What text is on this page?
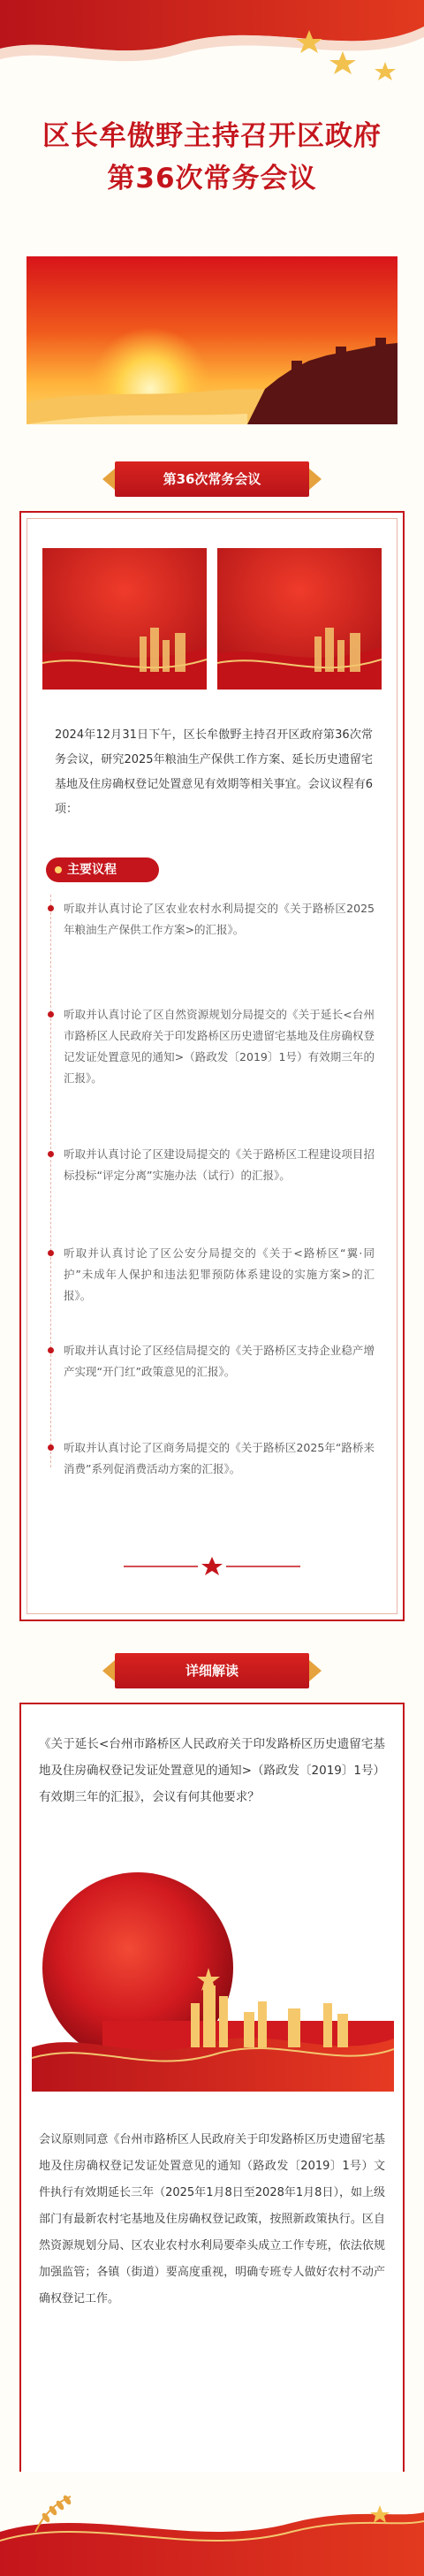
区长牟傲野主持召开区政府
第36次常务会议
第36次常务会议

2024年12月31日下午，区长牟傲野主持召开区政府第36次常务会议，研究2025年粮油生产保供工作方案、延长历史遗留宅基地及住房确权登记处置意见有效期等相关事宜。会议议程有6项：

主要议程

听取并认真讨论了区农业农村水利局提交的《关于路桥区2025年粮油生产保供工作方案>的汇报》。

听取并认真讨论了区自然资源规划分局提交的《关于延长<台州市路桥区人民政府关于印发路桥区历史遗留宅基地及住房确权登记发证处置意见的通知>（路政发〔2019〕1号）有效期三年的汇报》。

听取并认真讨论了区建设局提交的《关于路桥区工程建设项目招标投标“评定分离”实施办法（试行）的汇报》。

听取并认真讨论了区公安分局提交的《关于<路桥区“翼·同护”未成年人保护和违法犯罪预防体系建设的实施方案>的汇报》。

听取并认真讨论了区经信局提交的《关于路桥区支持企业稳产增产实现“开门红”政策意见的汇报》。

听取并认真讨论了区商务局提交的《关于路桥区2025年“路桥来消费”系列促消费活动方案的汇报》。

详细解读

《关于延长<台州市路桥区人民政府关于印发路桥区历史遗留宅基地及住房确权登记发证处置意见的通知>（路政发〔2019〕1号）有效期三年的汇报》，会议有何其他要求？

会议原则同意《台州市路桥区人民政府关于印发路桥区历史遗留宅基地及住房确权登记发证处置意见的通知（路政发〔2019〕1号）文件执行有效期延长三年（2025年1月8日至2028年1月8日），如上级部门有最新农村宅基地及住房确权登记政策，按照新政策执行。区自然资源规划分局、区农业农村水利局要牵头成立工作专班，依法依规加强监管；各镇（街道）要高度重视，明确专班专人做好农村不动产确权登记工作。
